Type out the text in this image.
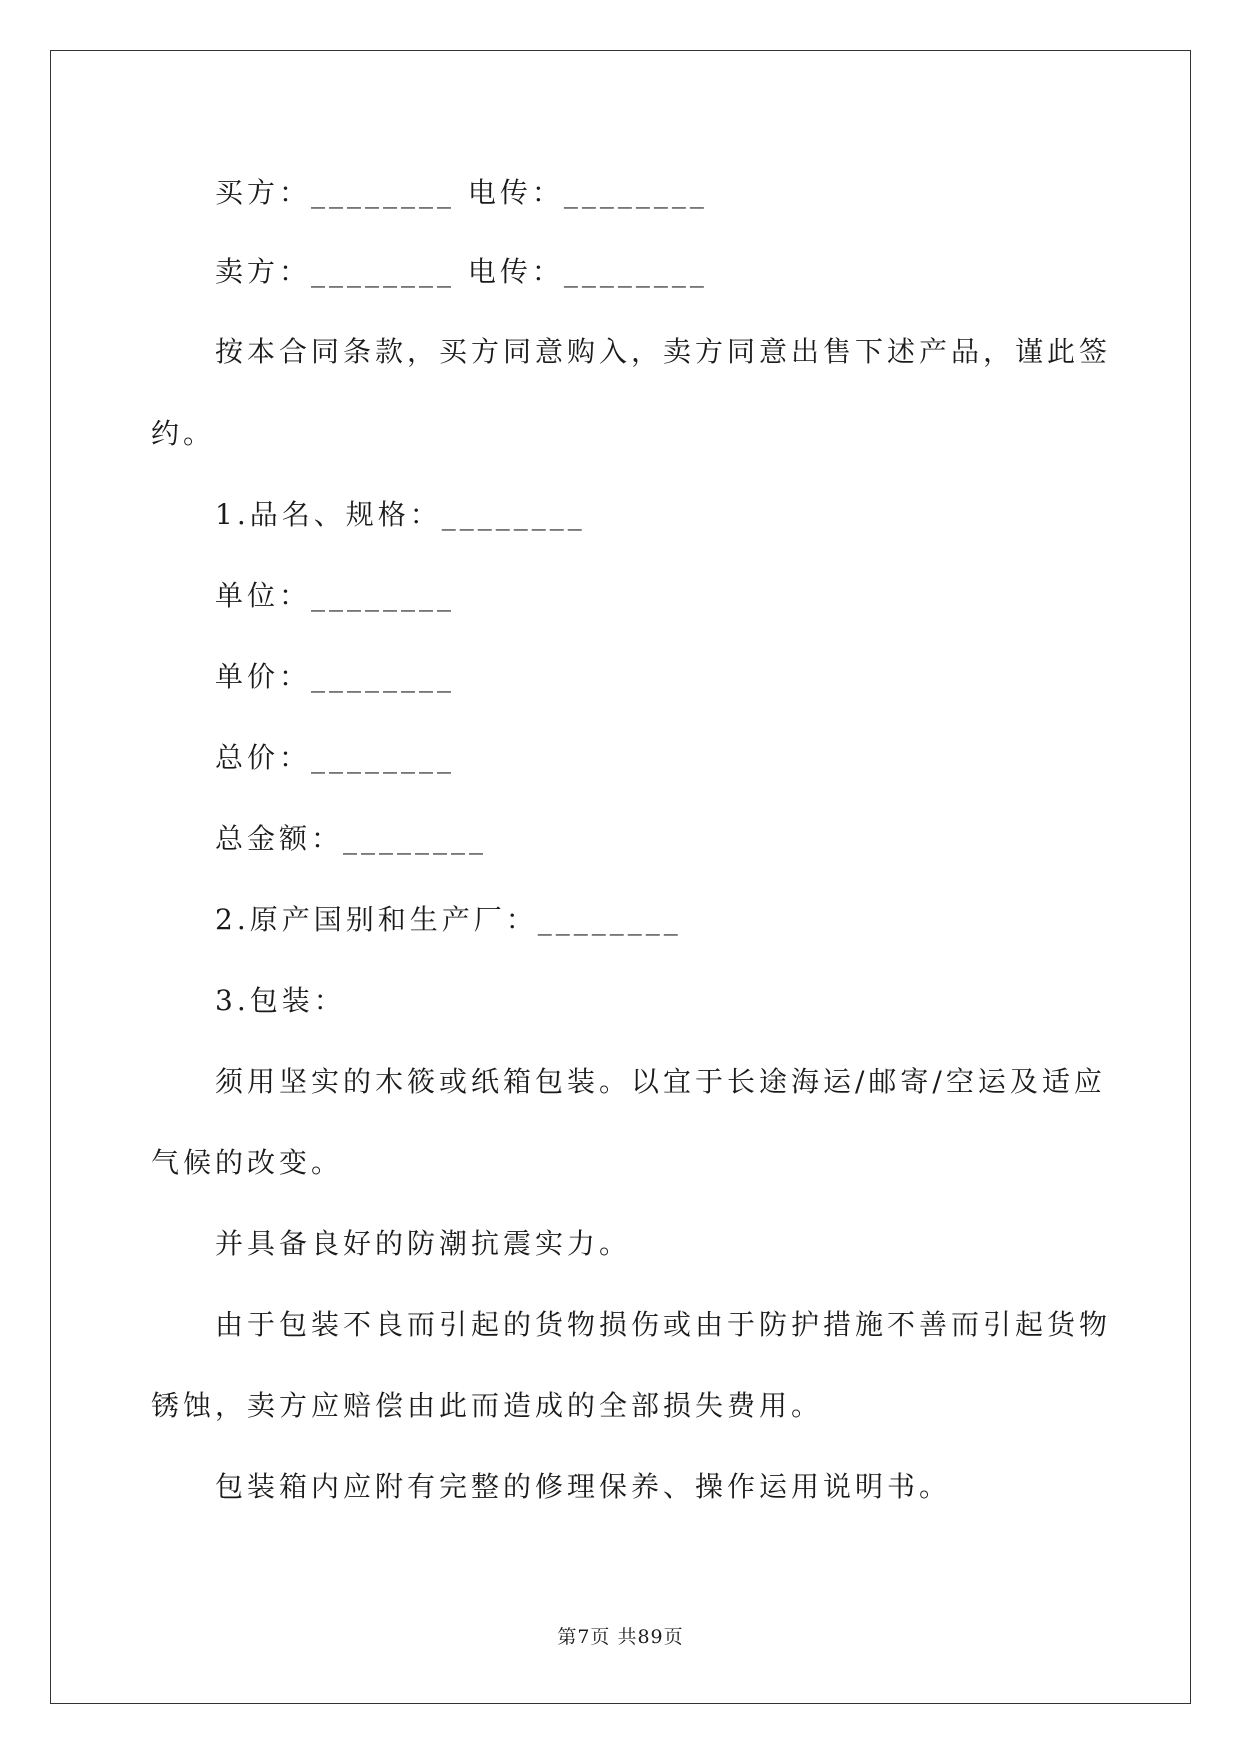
买方：________ 电传：________
卖方：________ 电传：________
按本合同条款，买方同意购入，卖方同意出售下述产品，谨此签
约。
1.品名、规格：________
单位：________
单价：________
总价：________
总金额：________
2.原产国别和生产厂：________
3.包装：
须用坚实的木筱或纸箱包装。以宜于长途海运/邮寄/空运及适应
气候的改变。
并具备良好的防潮抗震实力。
由于包装不良而引起的货物损伤或由于防护措施不善而引起货物
锈蚀，卖方应赔偿由此而造成的全部损失费用。
包装箱内应附有完整的修理保养、操作运用说明书。
第7页 共89页
